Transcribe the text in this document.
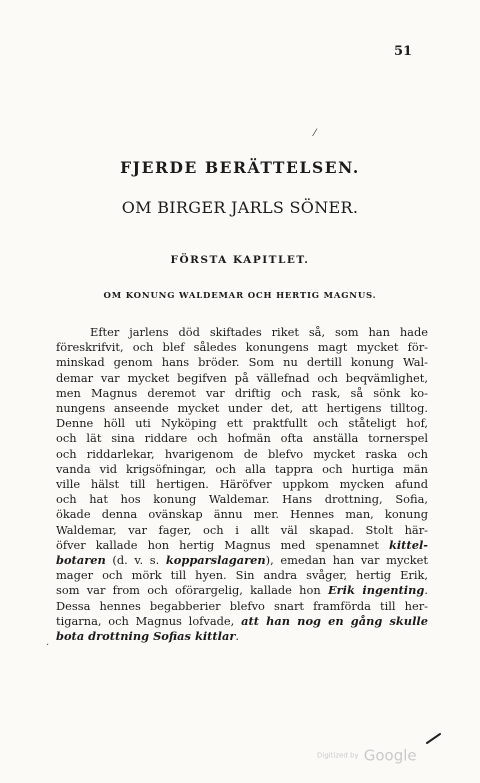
51
⁄
FJERDE BERÄTTELSEN.
OM BIRGER JARLS SÖNER.
FÖRSTA KAPITLET.
OM KONUNG WALDEMAR OCH HERTIG MAGNUS.
Efter jarlens död skiftades riket så, som han hade
föreskrifvit, och blef således konungens magt mycket för-
minskad genom hans bröder. Som nu dertill konung Wal-
demar var mycket begifven på vällefnad och beqvämlighet,
men Magnus deremot var driftig och rask, så sönk ko-
nungens anseende mycket under det, att hertigens tilltog.
Denne höll uti Nyköping ett praktfullt och ståteligt hof,
och lät sina riddare och hofmän ofta anställa tornerspel
och riddarlekar, hvarigenom de blefvo mycket raska och
vanda vid krigsöfningar, och alla tappra och hurtiga män
ville hälst till hertigen. Häröfver uppkom mycken afund
och hat hos konung Waldemar. Hans drottning, Sofia,
ökade denna ovänskap ännu mer. Hennes man, konung
Waldemar, var fager, och i allt väl skapad. Stolt här-
öfver kallade hon hertig Magnus med spenamnet kittel-
botaren (d. v. s. kopparslagaren), emedan han var mycket
mager och mörk till hyen. Sin andra svåger, hertig Erik,
som var from och oförargelig, kallade hon Erik ingenting.
Dessa hennes begabberier blefvo snart framförda till her-
tigarna, och Magnus lofvade, att han nog en gång skulle
bota drottning Sofias kittlar.
·
Digitized by Google
